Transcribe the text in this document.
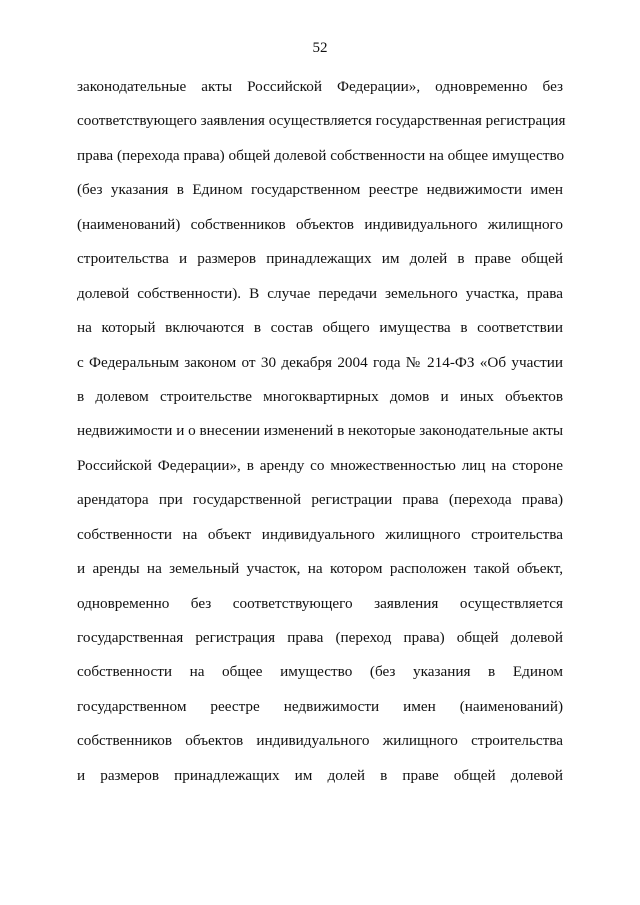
52
законодательные акты Российской Федерации», одновременно без
соответствующего заявления осуществляется государственная регистрация
права (перехода права) общей долевой собственности на общее имущество
(без указания в Едином государственном реестре недвижимости имен
(наименований) собственников объектов индивидуального жилищного
строительства и размеров принадлежащих им долей в праве общей
долевой собственности). В случае передачи земельного участка, права
на который включаются в состав общего имущества в соответствии
с Федеральным законом от 30 декабря 2004 года № 214-ФЗ «Об участии
в долевом строительстве многоквартирных домов и иных объектов
недвижимости и о внесении изменений в некоторые законодательные акты
Российской Федерации», в аренду со множественностью лиц на стороне
арендатора при государственной регистрации права (перехода права)
собственности на объект индивидуального жилищного строительства
и аренды на земельный участок, на котором расположен такой объект,
одновременно без соответствующего заявления осуществляется
государственная регистрация права (переход права) общей долевой
собственности на общее имущество (без указания в Едином
государственном реестре недвижимости имен (наименований)
собственников объектов индивидуального жилищного строительства
и размеров принадлежащих им долей в праве общей долевой
